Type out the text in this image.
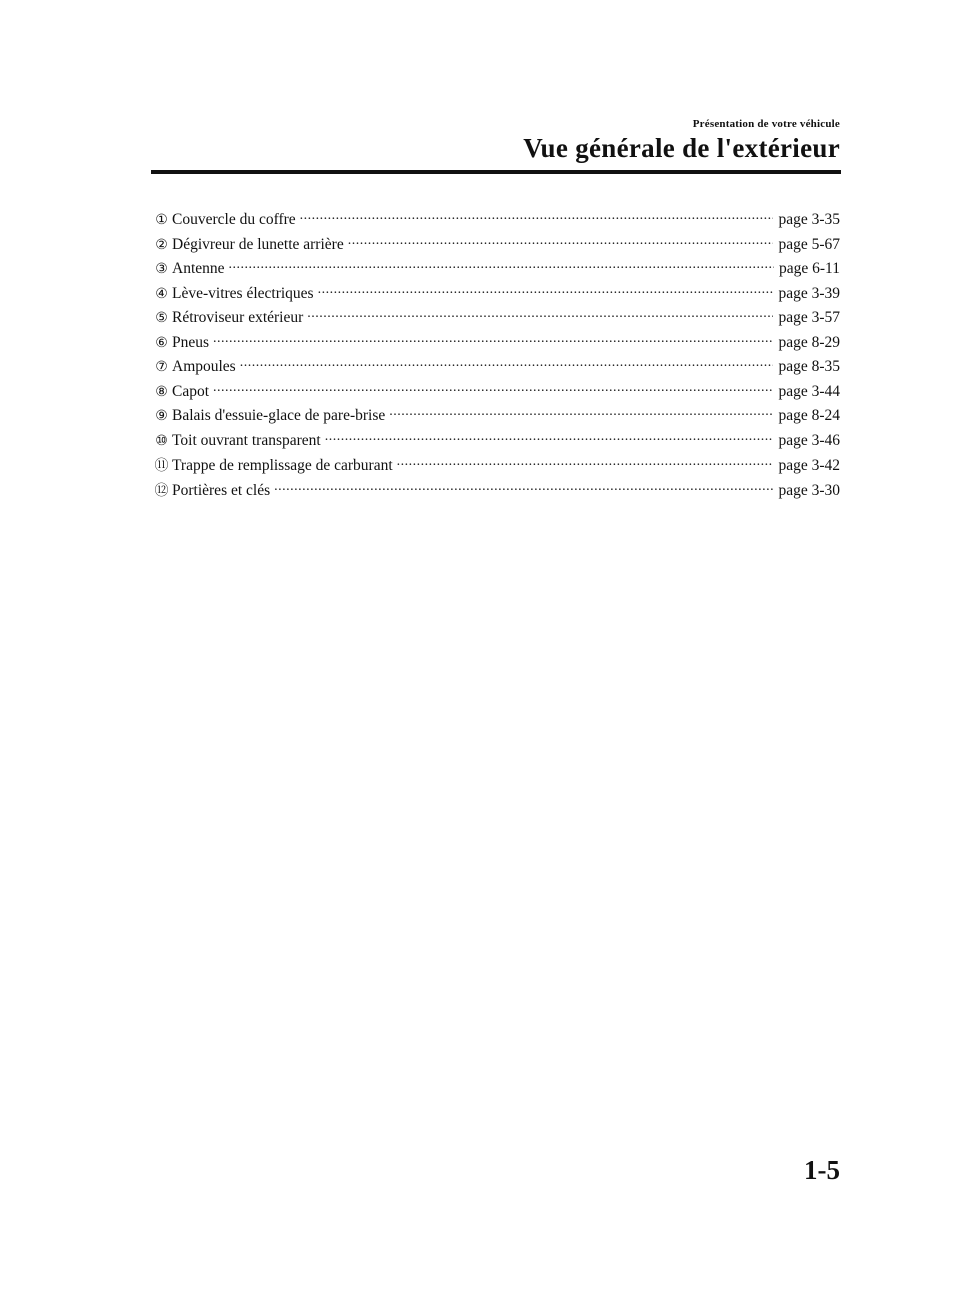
Présentation de votre véhicule
Vue générale de l'extérieur
① Couvercle du coffre . . .	page 3-35
② Dégivreur de lunette arrière . . .	page 5-67
③ Antenne . . .	page 6-11
④ Lève-vitres électriques . . .	page 3-39
⑤ Rétroviseur extérieur . . .	page 3-57
⑥ Pneus . . .	page 8-29
⑦ Ampoules . . .	page 8-35
⑧ Capot . . .	page 3-44
⑨ Balais d'essuie-glace de pare-brise . . .	page 8-24
⑩ Toit ouvrant transparent . . .	page 3-46
⑪ Trappe de remplissage de carburant . . .	page 3-42
⑫ Portières et clés . . .	page 3-30
1-5
